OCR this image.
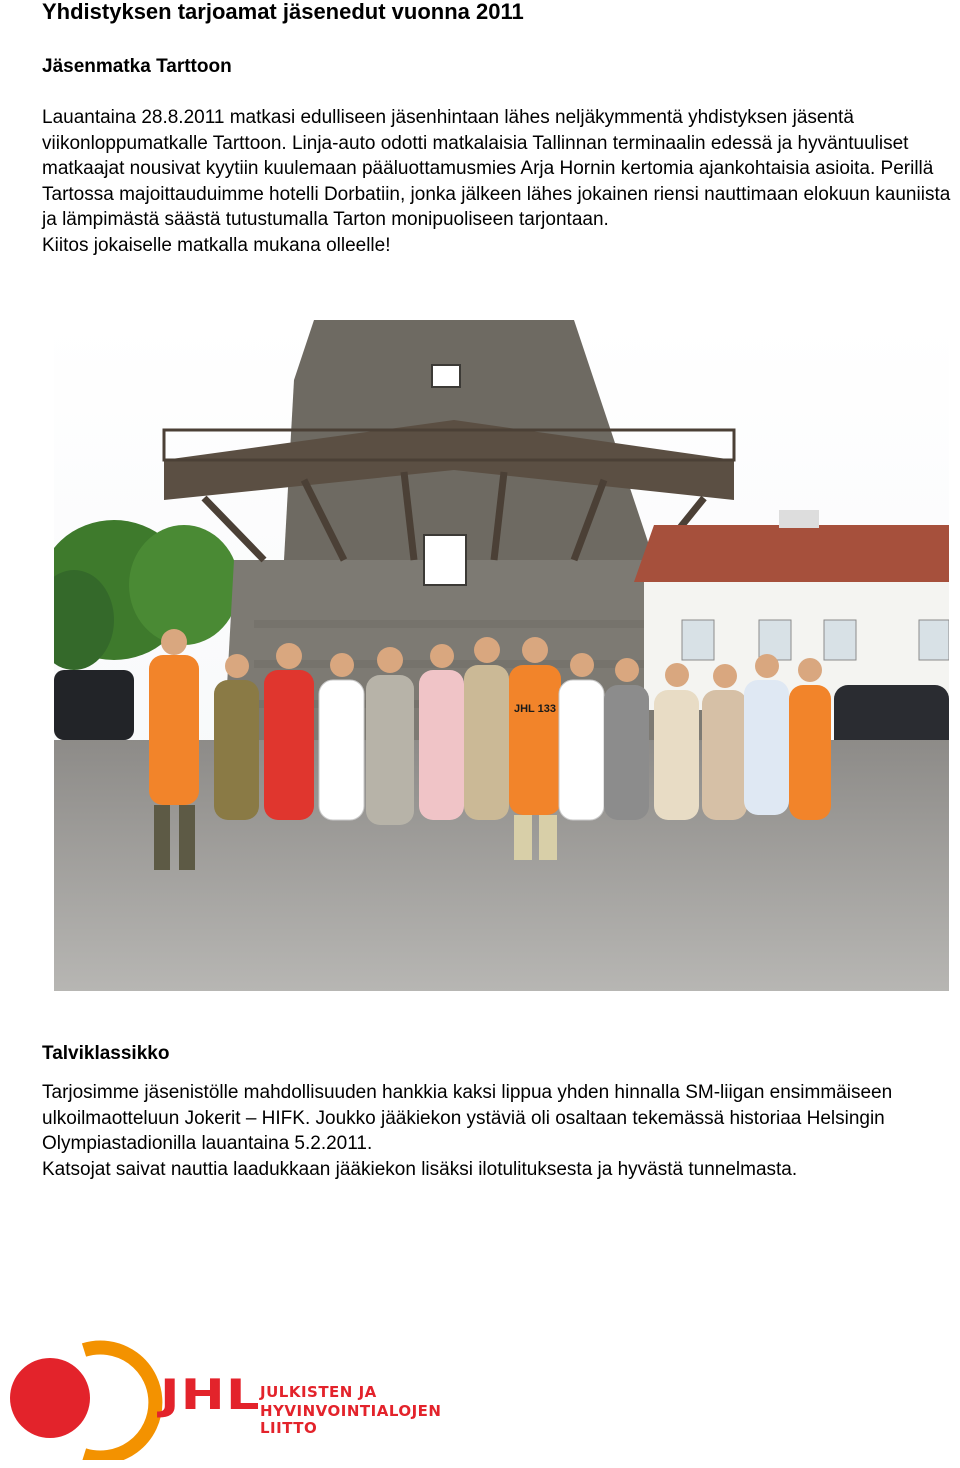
Yhdistyksen tarjoamat jäsenedut vuonna 2011
Jäsenmatka Tarttoon

Lauantaina 28.8.2011 matkasi edulliseen jäsenhintaan lähes neljäkymmentä yhdistyksen jäsentä viikonloppumatkalle Tarttoon. Linja-auto odotti matkalaisia Tallinnan terminaalin edessä ja hyväntuuliset matkaajat nousivat kyytiin kuulemaan pääluottamusmies Arja Hornin kertomia ajankohtaisia asioita. Perillä Tartossa majoittauduimme hotelli Dorbatiin, jonka jälkeen lähes jokainen riensi nauttimaan elokuun kauniista ja lämpimästä säästä tutustumalla Tarton monipuoliseen tarjontaan.

Kiitos jokaiselle matkalla mukana olleelle!

JHL 133
Talviklassikko

Tarjosimme jäsenistölle mahdollisuuden hankkia kaksi lippua yhden hinnalla SM-liigan ensimmäiseen ulkoilmaotteluun Jokerit – HIFK. Joukko jääkiekon ystäviä oli osaltaan tekemässä historiaa Helsingin Olympiastadionilla lauantaina 5.2.2011.

Katsojat saivat nauttia laadukkaan jääkiekon lisäksi ilotulituksesta ja hyvästä tunnelmasta.

JHL JULKISTEN JA
HYVINVOINTIALOJEN LIITTO
